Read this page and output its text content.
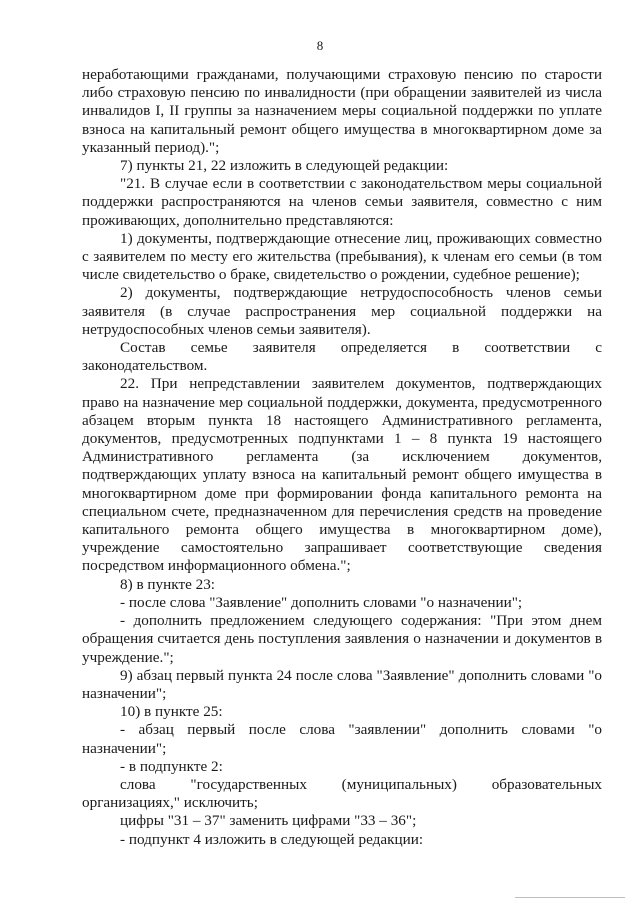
8

неработающими гражданами, получающими страховую пенсию по старости либо страховую пенсию по инвалидности (при обращении заявителей из числа инвалидов I, II группы за назначением меры социальной поддержки по уплате взноса на капитальный ремонт общего имущества в многоквартирном доме за указанный период).";

7) пункты 21, 22 изложить в следующей редакции:

"21. В случае если в соответствии с законодательством меры социальной поддержки распространяются на членов семьи заявителя, совместно с ним проживающих, дополнительно представляются:

1) документы, подтверждающие отнесение лиц, проживающих совместно с заявителем по месту его жительства (пребывания), к членам его семьи (в том числе свидетельство о браке, свидетельство о рождении, судебное решение);

2) документы, подтверждающие нетрудоспособность членов семьи заявителя (в случае распространения мер социальной поддержки на нетрудоспособных членов семьи заявителя).

Состав семье заявителя определяется в соответствии с законодательством.

22. При непредставлении заявителем документов, подтверждающих право на назначение мер социальной поддержки, документа, предусмотренного абзацем вторым пункта 18 настоящего Административного регламента, документов, предусмотренных подпунктами 1 – 8 пункта 19 настоящего Административного регламента (за исключением документов, подтверждающих уплату взноса на капитальный ремонт общего имущества в многоквартирном доме при формировании фонда капитального ремонта на специальном счете, предназначенном для перечисления средств на проведение капитального ремонта общего имущества в многоквартирном доме), учреждение самостоятельно запрашивает соответствующие сведения посредством информационного обмена.";

8) в пункте 23:

- после слова "Заявление" дополнить словами "о назначении";

- дополнить предложением следующего содержания: "При этом днем обращения считается день поступления заявления о назначении и документов в учреждение.";

9) абзац первый пункта 24 после слова "Заявление" дополнить словами "о назначении";

10) в пункте 25:

- абзац первый после слова "заявлении" дополнить словами "о назначении";

- в подпункте 2:

слова "государственных (муниципальных) образовательных организациях," исключить;

цифры "31 – 37" заменить цифрами "33 – 36";

- подпункт 4 изложить в следующей редакции:
